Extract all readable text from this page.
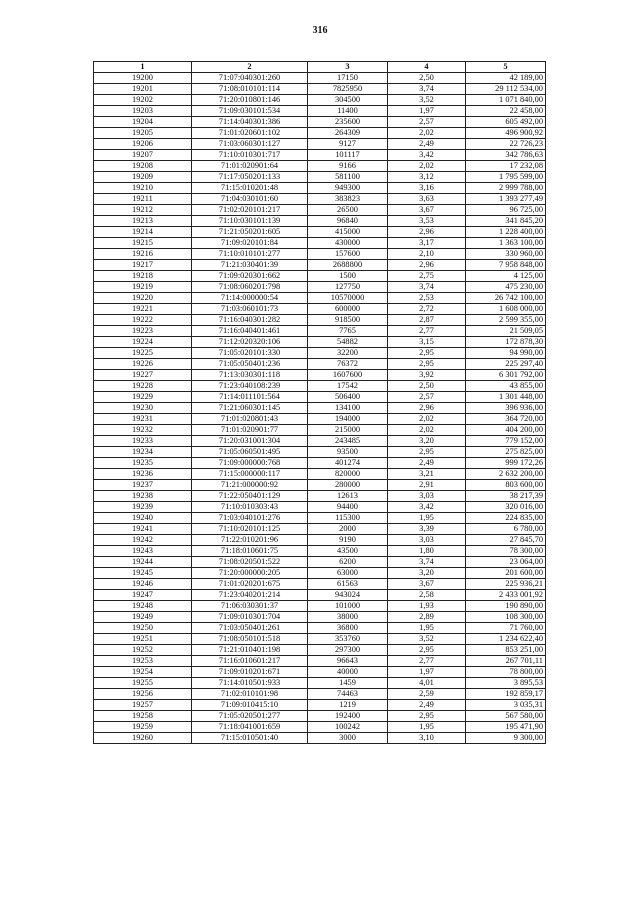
316
1	2	3	4	5
19200	71:07:040301:260	17150	2,50	42 189,00
19201	71:08:010101:114	7825950	3,74	29 112 534,00
19202	71:20:010801:146	304500	3,52	1 071 840,00
19203	71:09:030101:534	11400	1,97	22 458,00
19204	71:14:040301:386	235600	2,57	605 492,00
19205	71:01:020601:102	264309	2,02	496 900,92
19206	71:03:060301:127	9127	2,49	22 726,23
19207	71:10:010301:717	101117	3,42	342 786,63
19208	71:01:020901:64	9166	2,02	17 232,08
19209	71:17:050201:133	581100	3,12	1 795 599,00
19210	71:15:010201:48	949300	3,16	2 999 788,00
19211	71:04:030101:60	383823	3,63	1 393 277,49
19212	71:02:020101:217	26500	3,67	96 725,00
19213	71:10:030101:139	96840	3,53	341 845,20
19214	71:21:050201:605	415000	2,96	1 228 400,00
19215	71:09:020101:84	430000	3,17	1 363 100,00
19216	71:10:010101:277	157600	2,10	330 960,00
19217	71:21:030401:39	2688800	2,96	7 958 848,00
19218	71:09:020301:662	1500	2,75	4 125,00
19219	71:08:060201:798	127750	3,74	475 230,00
19220	71:14:000000:54	10570000	2,53	26 742 100,00
19221	71:03:060101:73	600000	2,72	1 608 000,00
19222	71:16:040301:282	918500	2,87	2 599 355,00
19223	71:16:040401:461	7765	2,77	21 509,05
19224	71:12:020320:106	54882	3,15	172 878,30
19225	71:05:020101:330	32200	2,95	94 990,00
19226	71:05:050401:236	76372	2,95	225 297,40
19227	71:13:030301:118	1607600	3,92	6 301 792,00
19228	71:23:040108:239	17542	2,50	43 855,00
19229	71:14:011101:564	506400	2,57	1 301 448,00
19230	71:21:060301:145	134100	2,96	396 936,00
19231	71:01:020801:43	194000	2,02	364 720,00
19232	71:01:020901:77	215000	2,02	404 200,00
19233	71:20:031001:304	243485	3,20	779 152,00
19234	71:05:060501:495	93500	2,95	275 825,00
19235	71:09:000000:768	401274	2,49	999 172,26
19236	71:15:000000:117	820000	3,21	2 632 200,00
19237	71:21:000000:92	280000	2,91	803 600,00
19238	71:22:050401:129	12613	3,03	38 217,39
19239	71:10:010303:43	94400	3,42	320 016,00
19240	71:03:040101:276	115300	1,95	224 835,00
19241	71:10:020101:125	2000	3,39	6 780,00
19242	71:22:010201:96	9190	3,03	27 845,70
19243	71:18:010601:75	43500	1,80	78 300,00
19244	71:08:020501:522	6200	3,74	23 064,00
19245	71:20:000000:205	63000	3,20	201 600,00
19246	71:01:020201:675	61563	3,67	225 936,21
19247	71:23:040201:214	943024	2,58	2 433 001,92
19248	71:06:030301:37	101000	1,93	190 890,00
19249	71:09:010301:704	38000	2,89	108 300,00
19250	71:03:050401:261	36800	1,95	71 760,00
19251	71:08:050101:518	353760	3,52	1 234 622,40
19252	71:21:010401:198	297300	2,95	853 251,00
19253	71:16:010601:217	96643	2,77	267 701,11
19254	71:09:010201:671	40000	1,97	78 800,00
19255	71:14:010501:933	1459	4,01	3 895,53
19256	71:02:010101:98	74463	2,59	192 859,17
19257	71:09:010415:10	1219	2,49	3 035,31
19258	71:05:020501:277	192400	2,95	567 580,00
19259	71:18:041001:659	100242	1,95	195 471,90
19260	71:15:010501:40	3000	3,10	9 300,00
